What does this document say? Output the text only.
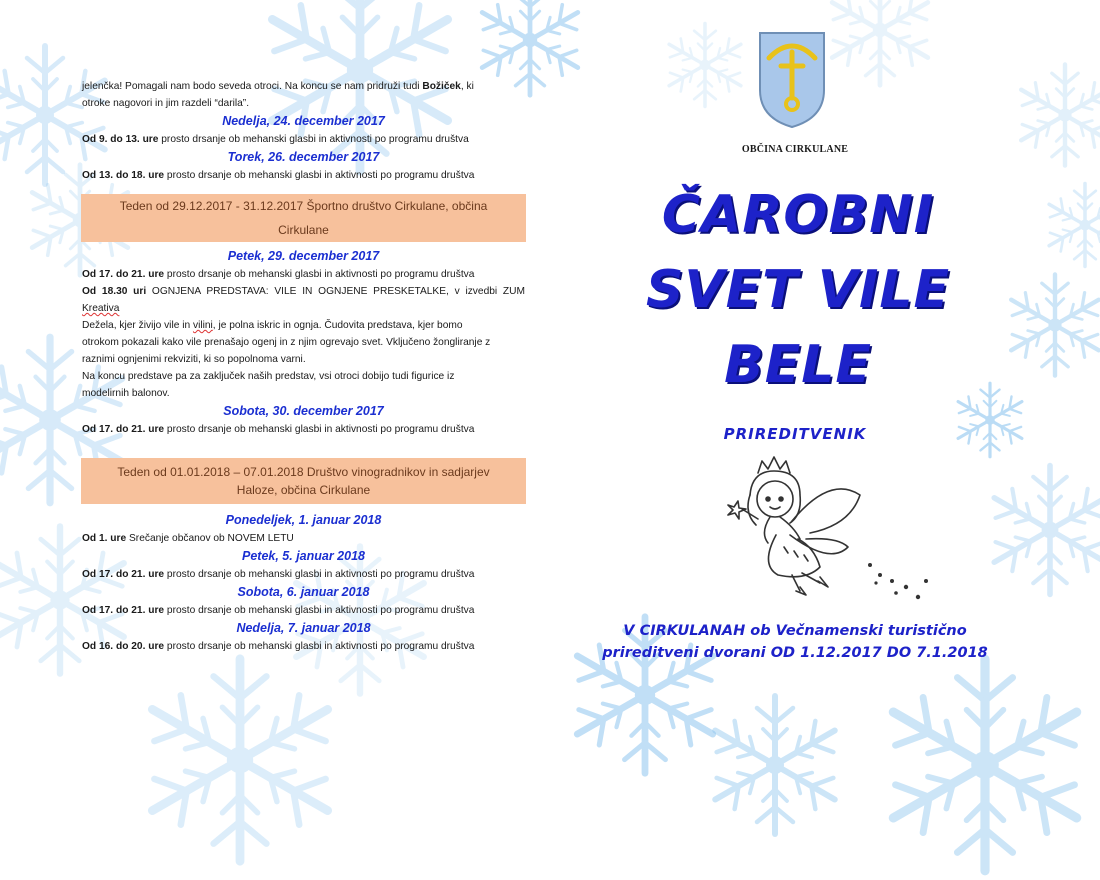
jelenčka! Pomagali nam bodo seveda otroci. Na koncu se nam pridruži tudi Božiček, ki
otroke nagovori in jim razdeli “darila”.

Nedelja, 24. december 2017

Od 9. do 13. ure prosto drsanje ob mehanski glasbi in aktivnosti po programu društva

Torek, 26. december 2017

Od 13. do 18. ure prosto drsanje ob mehanski glasbi in aktivnosti po programu društva

Teden od 29.12.2017 - 31.12.2017 Športno društvo Cirkulane, občina
Cirkulane

Petek, 29. december 2017

Od 17. do 21. ure prosto drsanje ob mehanski glasbi in aktivnosti po programu društva

Od 18.30 uri OGNJENA PREDSTAVA: VILE IN OGNJENE PRESKETALKE, v izvedbi ZUM Kreativa
Dežela, kjer živijo vile in vilini, je polna iskric in ognja. Čudovita predstava, kjer bomo
otrokom pokazali kako vile prenašajo ogenj in z njim ogrevajo svet. Vključeno žongliranje z
raznimi ognjenimi rekviziti, ki so popolnoma varni.
Na koncu predstave pa za zaključek naših predstav, vsi otroci dobijo tudi figurice iz
modelirnih balonov.

Sobota, 30. december 2017

Od 17. do 21. ure prosto drsanje ob mehanski glasbi in aktivnosti po programu društva

Teden od 01.01.2018 – 07.01.2018 Društvo vinogradnikov in sadjarjev
Haloze, občina Cirkulane

Ponedeljek, 1. januar 2018

Od 1. ure Srečanje občanov ob NOVEM LETU

Petek, 5. januar 2018

Od 17. do 21. ure prosto drsanje ob mehanski glasbi in aktivnosti po programu društva

Sobota, 6. januar 2018

Od 17. do 21. ure prosto drsanje ob mehanski glasbi in aktivnosti po programu društva

Nedelja, 7. januar 2018

Od 16. do 20. ure prosto drsanje ob mehanski glasbi in aktivnosti po programu društva

OBČINA CIRKULANE
ČAROBNI
SVET VILE
BELE
PRIREDITVENIK
V CIRKULANAH ob Večnamenski turistično
prireditveni dvorani OD 1.12.2017 DO 7.1.2018
